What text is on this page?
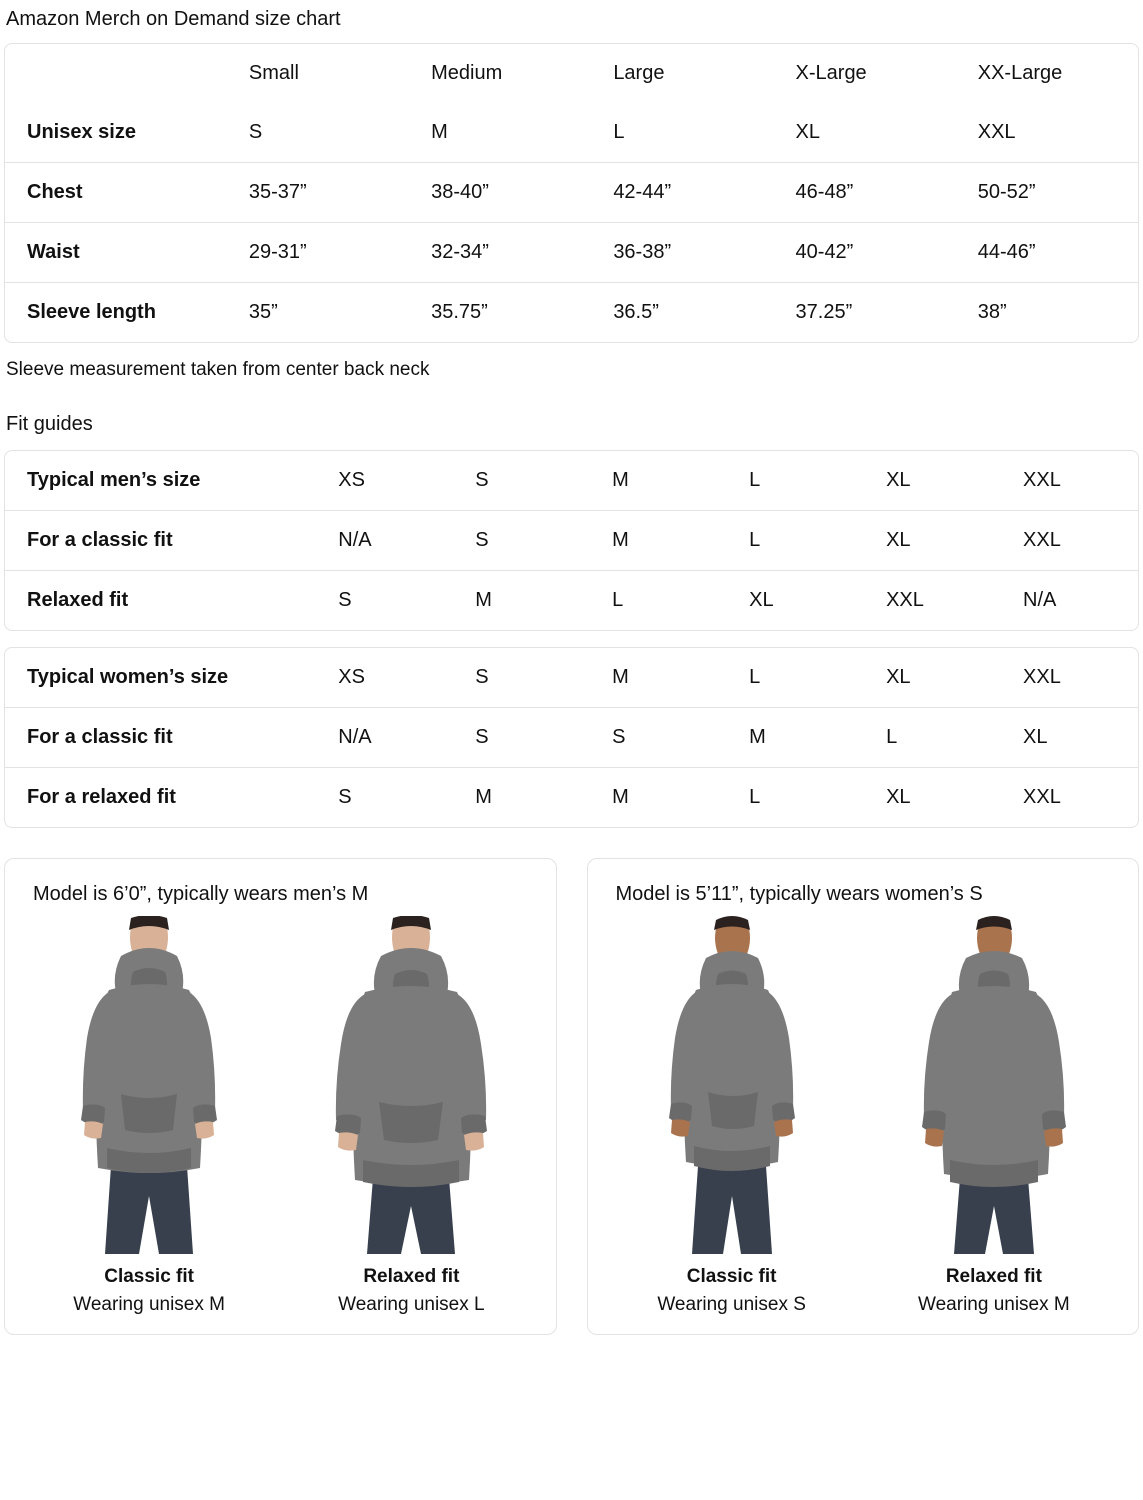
Amazon Merch on Demand size chart
	Small	Medium	Large	X-Large	XX-Large
Unisex size	S	M	L	XL	XXL
Chest	35-37”	38-40”	42-44”	46-48”	50-52”
Waist	29-31”	32-34”	36-38”	40-42”	44-46”
Sleeve length	35”	35.75”	36.5”	37.25”	38”
Sleeve measurement taken from center back neck
Fit guides
Typical men’s size	XS	S	M	L	XL	XXL
For a classic fit	N/A	S	M	L	XL	XXL
Relaxed fit	S	M	L	XL	XXL	N/A
Typical women’s size	XS	S	M	L	XL	XXL
For a classic fit	N/A	S	S	M	L	XL
For a relaxed fit	S	M	M	L	XL	XXL
Model is 6’0”, typically wears men’s M
Classic fit
Wearing unisex M
Relaxed fit
Wearing unisex L
Model is 5’11”, typically wears women’s S
Classic fit
Wearing unisex S
Relaxed fit
Wearing unisex M
